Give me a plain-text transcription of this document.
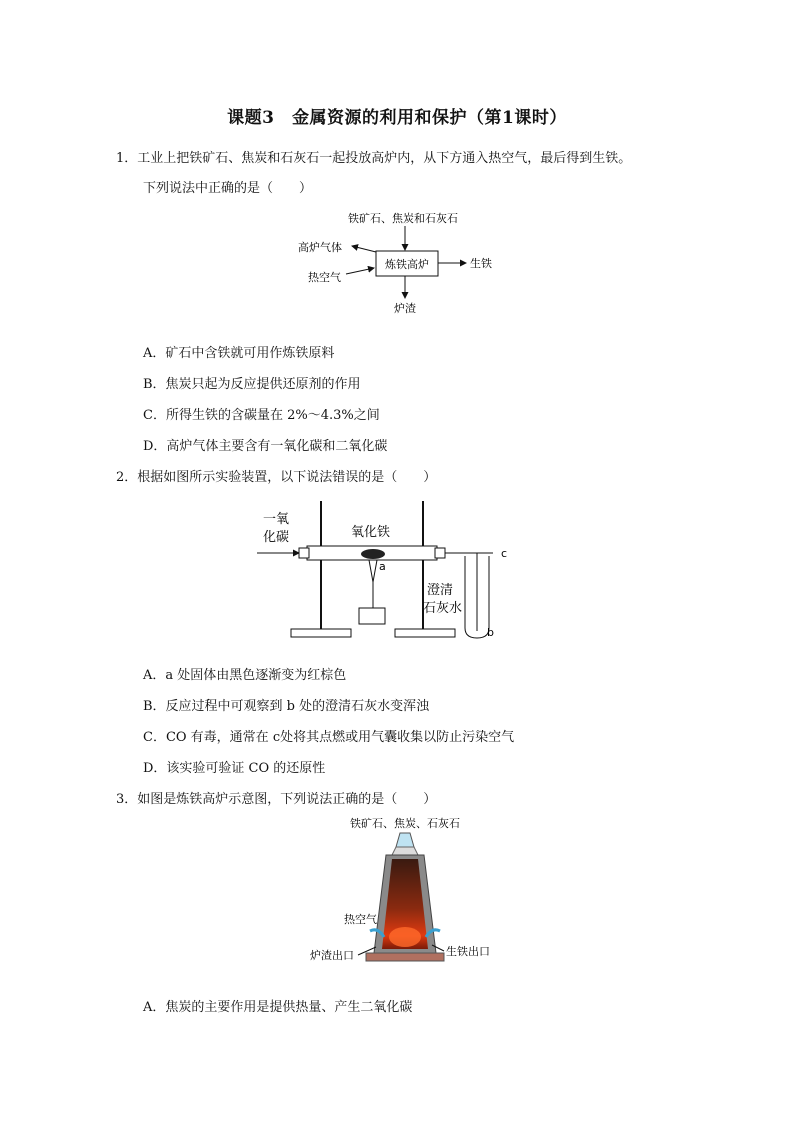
课题3　金属资源的利用和保护（第1课时）
1．工业上把铁矿石、焦炭和石灰石一起投放高炉内，从下方通入热空气，最后得到生铁。
下列说法中正确的是（　　）
铁矿石、焦炭和石灰石
炼铁高炉
高炉气体
热空气
生铁
炉渣
A．矿石中含铁就可用作炼铁原料
B．焦炭只起为反应提供还原剂的作用
C．所得生铁的含碳量在 2%～4.3%之间
D．高炉气体主要含有一氧化碳和二氧化碳
2．根据如图所示实验装置，以下说法错误的是（　　）
一氧
化碳	氧化铁
a
c
澄清
石灰水
b
A．a 处固体由黑色逐渐变为红棕色
B．反应过程中可观察到 b 处的澄清石灰水变浑浊
C．CO 有毒，通常在 c处将其点燃或用气囊收集以防止污染空气
D．该实验可验证 CO 的还原性
3．如图是炼铁高炉示意图，下列说法正确的是（　　）
铁矿石、焦炭、石灰石
热空气
炉渣出口	生铁出口
A．焦炭的主要作用是提供热量、产生二氧化碳
